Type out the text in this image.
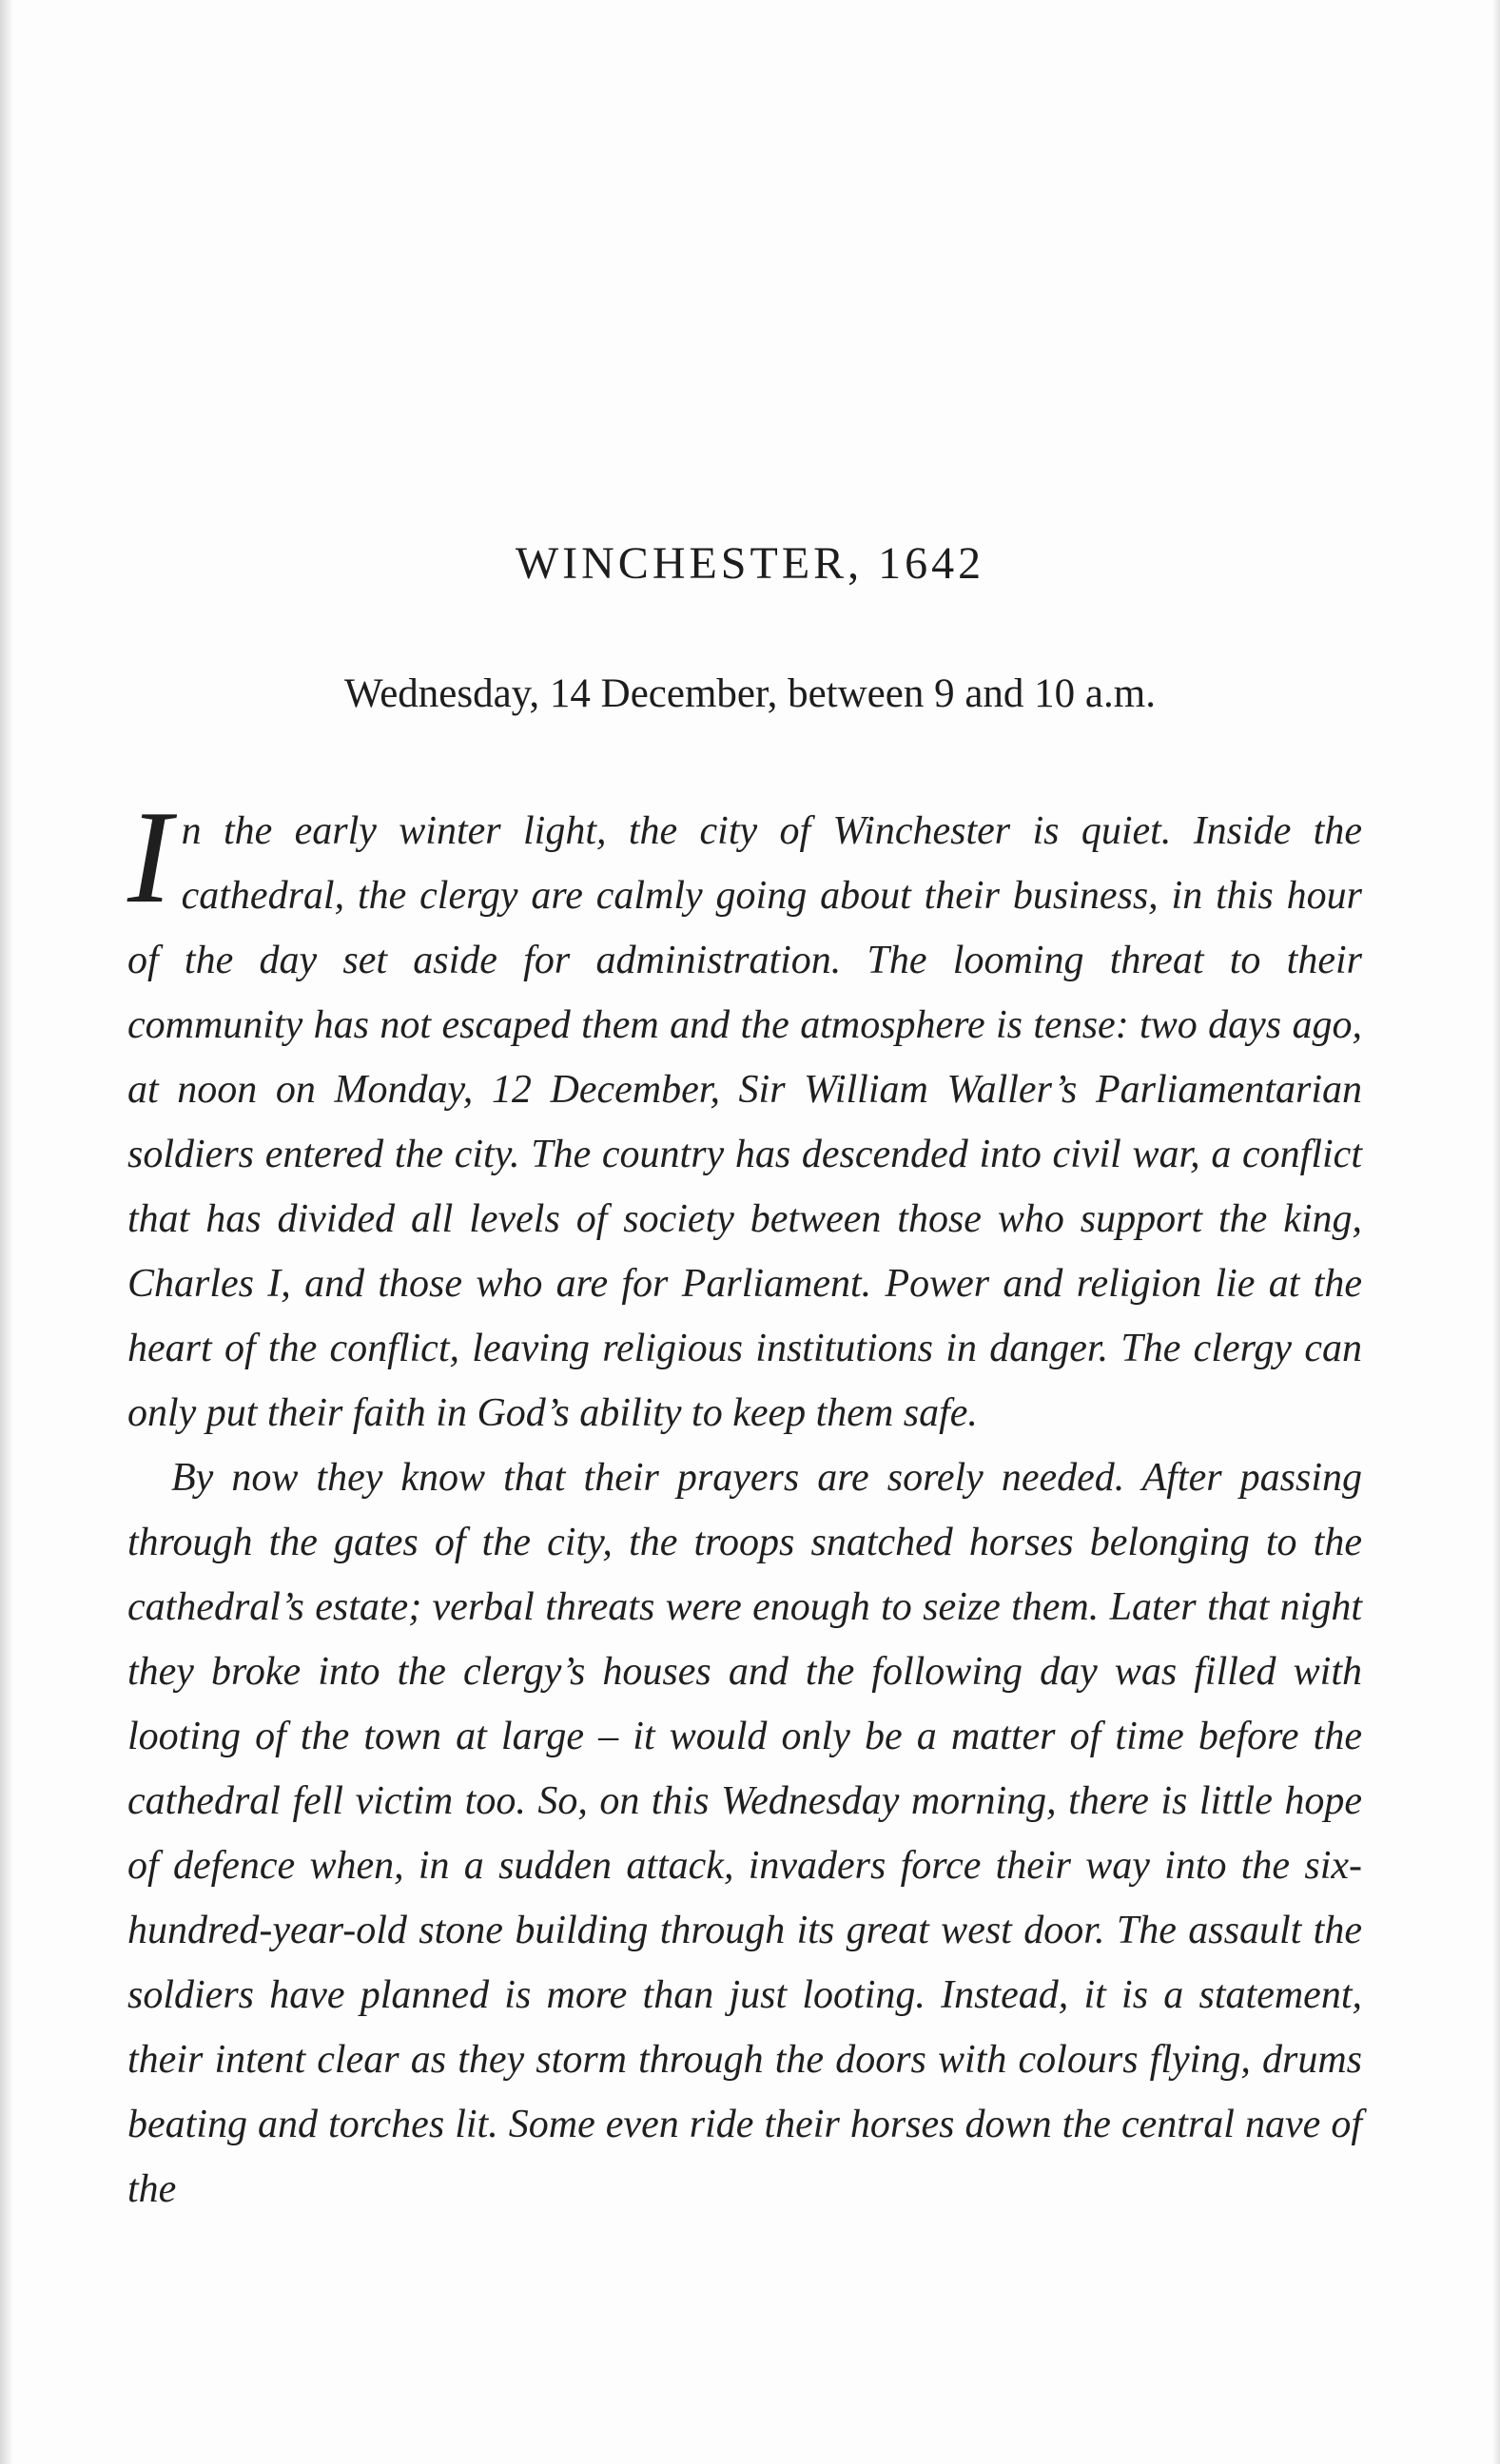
WINCHESTER, 1642
Wednesday, 14 December, between 9 and 10 a.m.

In the early winter light, the city of Winchester is quiet. Inside the cathedral, the clergy are calmly going about their business, in this hour of the day set aside for administration. The looming threat to their community has not escaped them and the atmosphere is tense: two days ago, at noon on Monday, 12 December, Sir William Waller’s Parliamentarian soldiers entered the city. The country has descended into civil war, a conflict that has divided all levels of society between those who support the king, Charles I, and those who are for Parliament. Power and religion lie at the heart of the conflict, leaving religious institutions in danger. The clergy can only put their faith in God’s ability to keep them safe.

By now they know that their prayers are sorely needed. After passing through the gates of the city, the troops snatched horses belonging to the cathedral’s estate; verbal threats were enough to seize them. Later that night they broke into the clergy’s houses and the following day was filled with looting of the town at large – it would only be a matter of time before the cathedral fell victim too. So, on this Wednesday morning, there is little hope of defence when, in a sudden attack, invaders force their way into the six-hundred-year-old stone building through its great west door. The assault the soldiers have planned is more than just looting. Instead, it is a statement, their intent clear as they storm through the doors with colours flying, drums beating and torches lit. Some even ride their horses down the central nave of the
